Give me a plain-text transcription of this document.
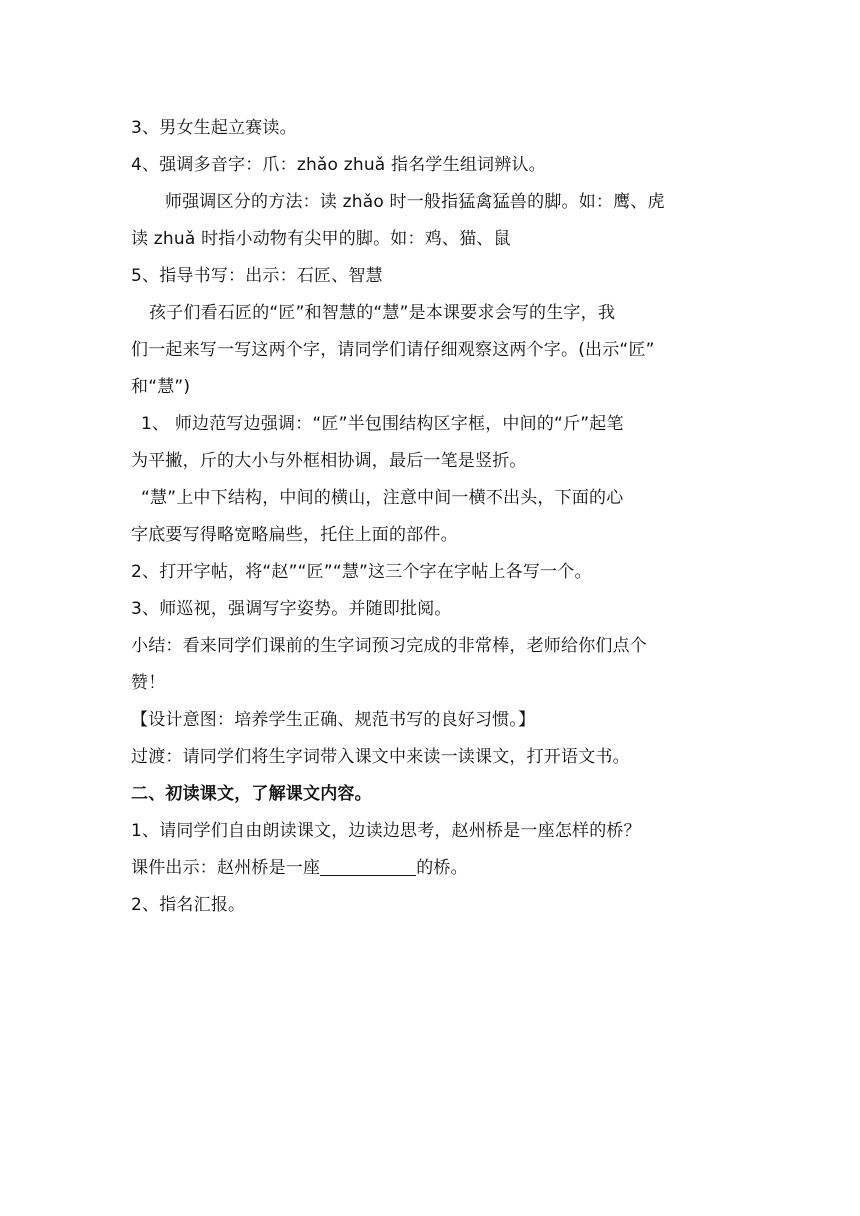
3、男女生起立赛读。
4、强调多音字：爪：zhǎo zhuǎ 指名学生组词辨认。
师强调区分的方法：读 zhǎo 时一般指猛禽猛兽的脚。如：鹰、虎
读 zhuǎ 时指小动物有尖甲的脚。如：鸡、猫、鼠
5、指导书写：出示：石匠、智慧
孩子们看石匠的“匠”和智慧的“慧”是本课要求会写的生字，我
们一起来写一写这两个字，请同学们请仔细观察这两个字。(出示“匠”
和“慧”)
1、 师边范写边强调：“匠”半包围结构区字框，中间的“斤”起笔
为平撇，斤的大小与外框相协调，最后一笔是竖折。
“慧”上中下结构，中间的横山，注意中间一横不出头，下面的心
字底要写得略宽略扁些，托住上面的部件。
2、打开字帖，将“赵”“匠”“慧”这三个字在字帖上各写一个。
3、师巡视，强调写字姿势。并随即批阅。
小结：看来同学们课前的生字词预习完成的非常棒，老师给你们点个
赞！
【设计意图：培养学生正确、规范书写的良好习惯。】
过渡：请同学们将生字词带入课文中来读一读课文，打开语文书。
二、初读课文，了解课文内容。
1、请同学们自由朗读课文，边读边思考，赵州桥是一座怎样的桥？
课件出示：赵州桥是一座	的桥。
2、指名汇报。
